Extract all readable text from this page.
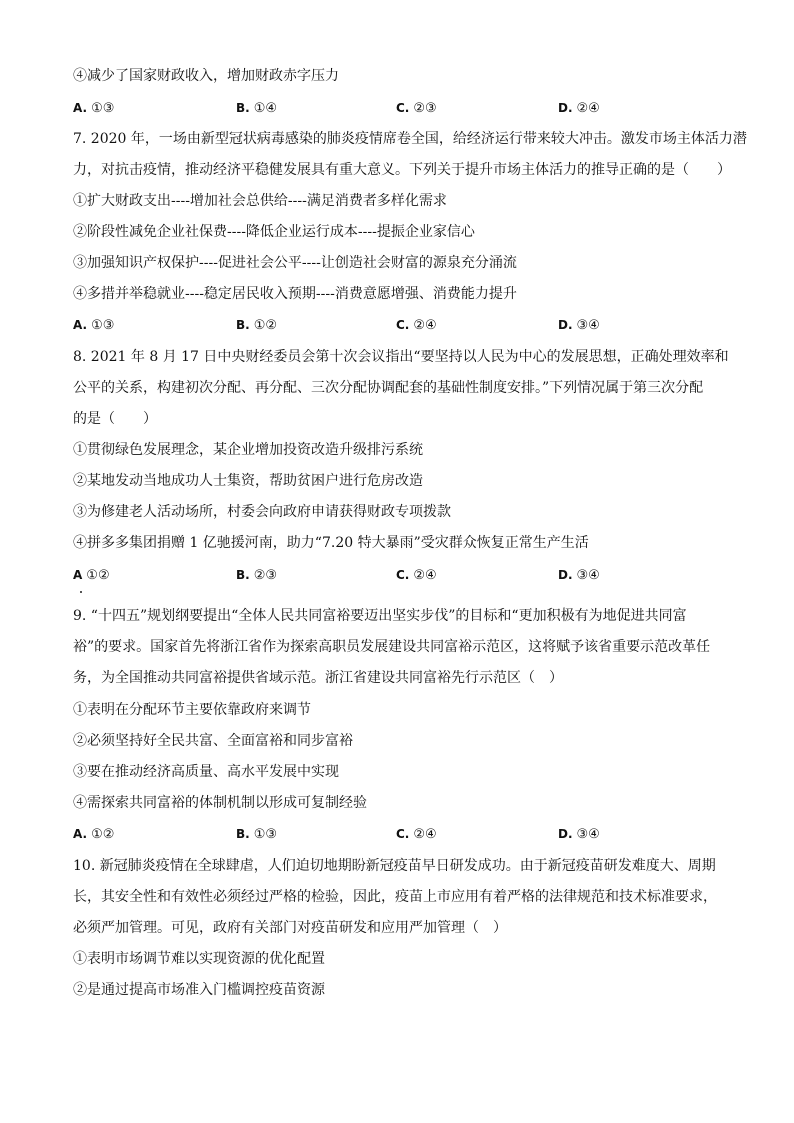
④减少了国家财政收入，增加财政赤字压力
A. ①③	B. ①④	C. ②③	D. ②④
7. 2020 年，一场由新型冠状病毒感染的肺炎疫情席卷全国，给经济运行带来较大冲击。激发市场主体活力潜
力，对抗击疫情，推动经济平稳健发展具有重大意义。下列关于提升市场主体活力的推导正确的是（　　）
①扩大财政支出----增加社会总供给----满足消费者多样化需求
②阶段性减免企业社保费----降低企业运行成本----提振企业家信心
③加强知识产权保护----促进社会公平----让创造社会财富的源泉充分涌流
④多措并举稳就业----稳定居民收入预期----消费意愿增强、消费能力提升
A. ①③	B. ①②	C. ②④	D. ③④
8. 2021 年 8 月 17 日中央财经委员会第十次会议指出“要坚持以人民为中心的发展思想，正确处理效率和
公平的关系，构建初次分配、再分配、三次分配协调配套的基础性制度安排。”下列情况属于第三次分配
的是（　　）
①贯彻绿色发展理念，某企业增加投资改造升级排污系统
②某地发动当地成功人士集资，帮助贫困户进行危房改造
③为修建老人活动场所，村委会向政府申请获得财政专项拨款
④拼多多集团捐赠 1 亿驰援河南，助力“7.20 特大暴雨”受灾群众恢复正常生产生活
A ①②	B. ②③	C. ②④	D. ③④
9. “十四五”规划纲要提出“全体人民共同富裕要迈出坚实步伐”的目标和“更加积极有为地促进共同富
裕”的要求。国家首先将浙江省作为探索高职员发展建设共同富裕示范区，这将赋予该省重要示范改革任
务，为全国推动共同富裕提供省域示范。浙江省建设共同富裕先行示范区（　）
①表明在分配环节主要依靠政府来调节
②必须坚持好全民共富、全面富裕和同步富裕
③要在推动经济高质量、高水平发展中实现
④需探索共同富裕的体制机制以形成可复制经验
A. ①②	B. ①③	C. ②④	D. ③④
10. 新冠肺炎疫情在全球肆虐，人们迫切地期盼新冠疫苗早日研发成功。由于新冠疫苗研发难度大、周期
长，其安全性和有效性必须经过严格的检验，因此，疫苗上市应用有着严格的法律规范和技术标准要求，
必须严加管理。可见，政府有关部门对疫苗研发和应用严加管理（　）
①表明市场调节难以实现资源的优化配置
②是通过提高市场准入门槛调控疫苗资源
